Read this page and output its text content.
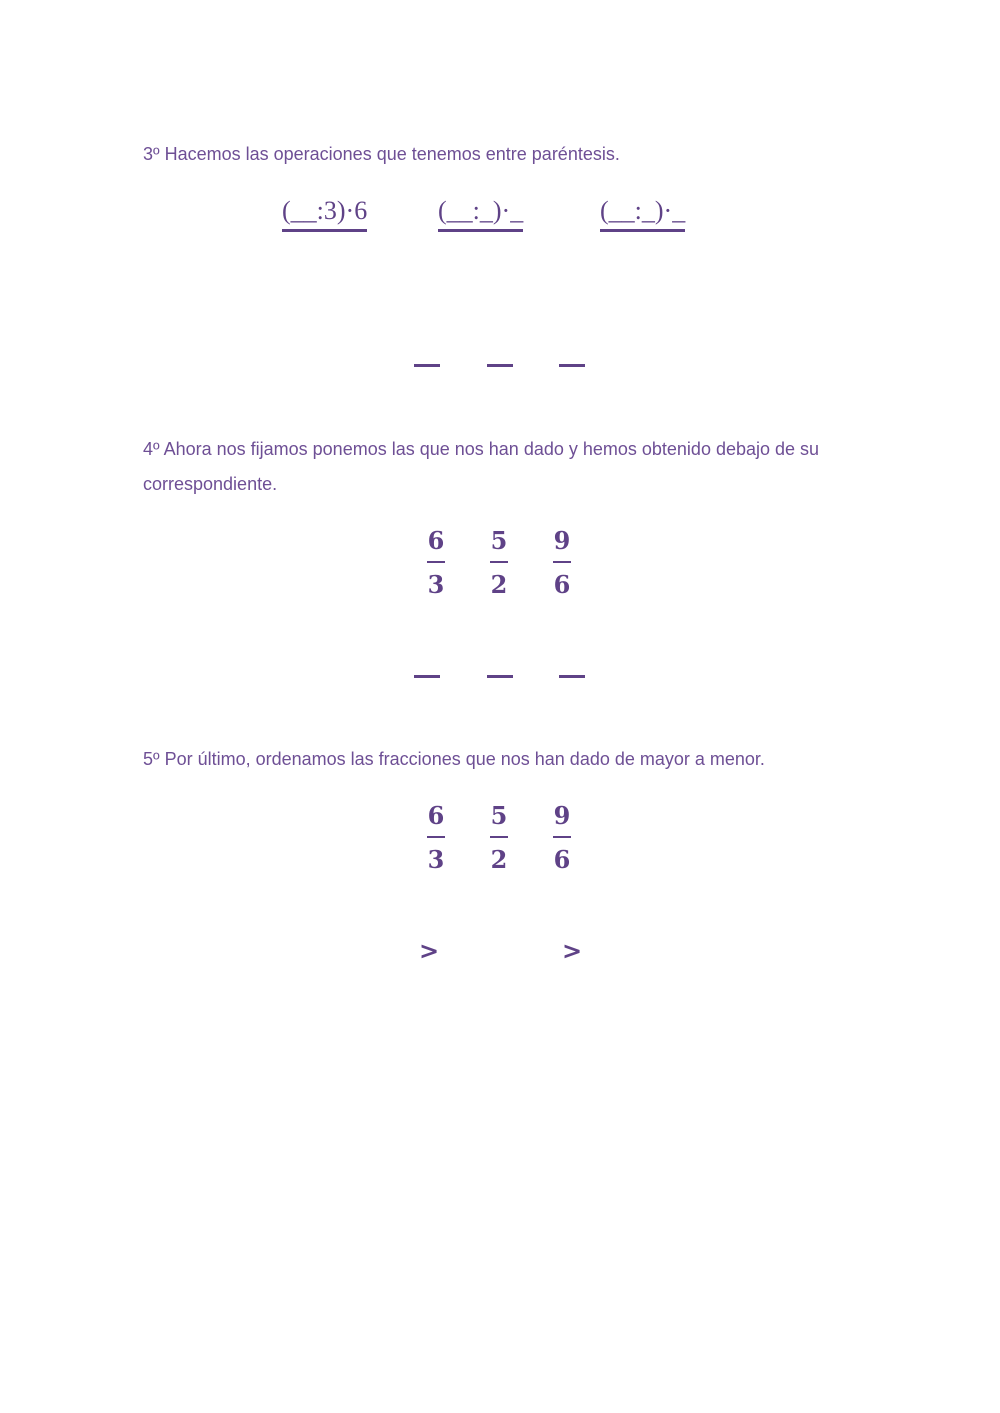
3º Hacemos las operaciones que tenemos entre paréntesis.
(__:3)·6	(__:_)·_	(__:_)·_
4º Ahora nos fijamos ponemos las que nos han dado y hemos obtenido debajo de su correspondiente.
6
3
5
2
9
6
5º Por último, ordenamos las fracciones que nos han dado de mayor a menor.
6
3
5
2
9
6
>	>
